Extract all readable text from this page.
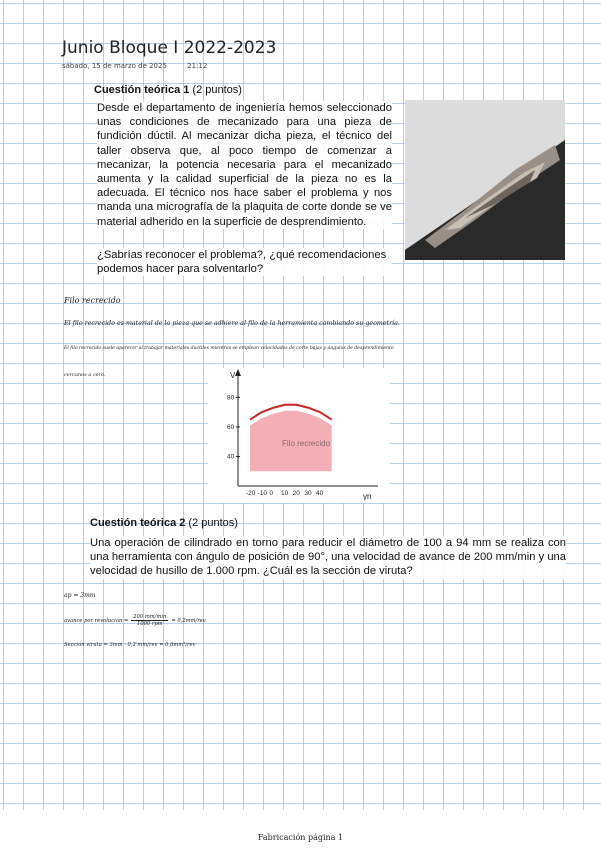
Junio Bloque I 2022-2023
sábado, 15 de marzo de 2025	21:12
Cuestión teórica 1 (2 puntos)
Desde el departamento de ingeniería hemos seleccionado unas condiciones de mecanizado para una pieza de fundición dúctil. Al mecanizar dicha pieza, el técnico del taller observa que, al poco tiempo de comenzar a mecanizar, la potencia necesaria para el mecanizado aumenta y la calidad superficial de la pieza no es la adecuada. El técnico nos hace saber el problema y nos manda una micrografía de la plaquita de corte donde se ve material adherido en la superficie de desprendimiento.
¿Sabrías reconocer el problema?, ¿qué recomendaciones podemos hacer para solventarlo?
Filo recrecido
El filo recrecido es material de la pieza que se adhiere al filo de la herramienta cambiando su geometría.
El filo recrecido suele aparecer al trabajar materiales dúctiles mientras se emplean velocidades de corte bajas y ángulos de desprendimiento
cercanos a cero.
Filo recrecido
V
γn
-20 -10 0 10 20 30 40
40
60
80
Cuestión teórica 2 (2 puntos)
Una operación de cilindrado en torno para reducir el diámetro de 100 a 94 mm se realiza con una herramienta con ángulo de posición de 90°, una velocidad de avance de 200 mm/min y una velocidad de husillo de 1.000 rpm. ¿Cuál es la sección de viruta?
ap = 3mm
avance por revolución =
200 mm/min
1000 rpm
= 0,2mm/rev
Sección viruta = 3mm · 0,2 mm/rev = 0,6mm²/rev
Fabricación página 1
